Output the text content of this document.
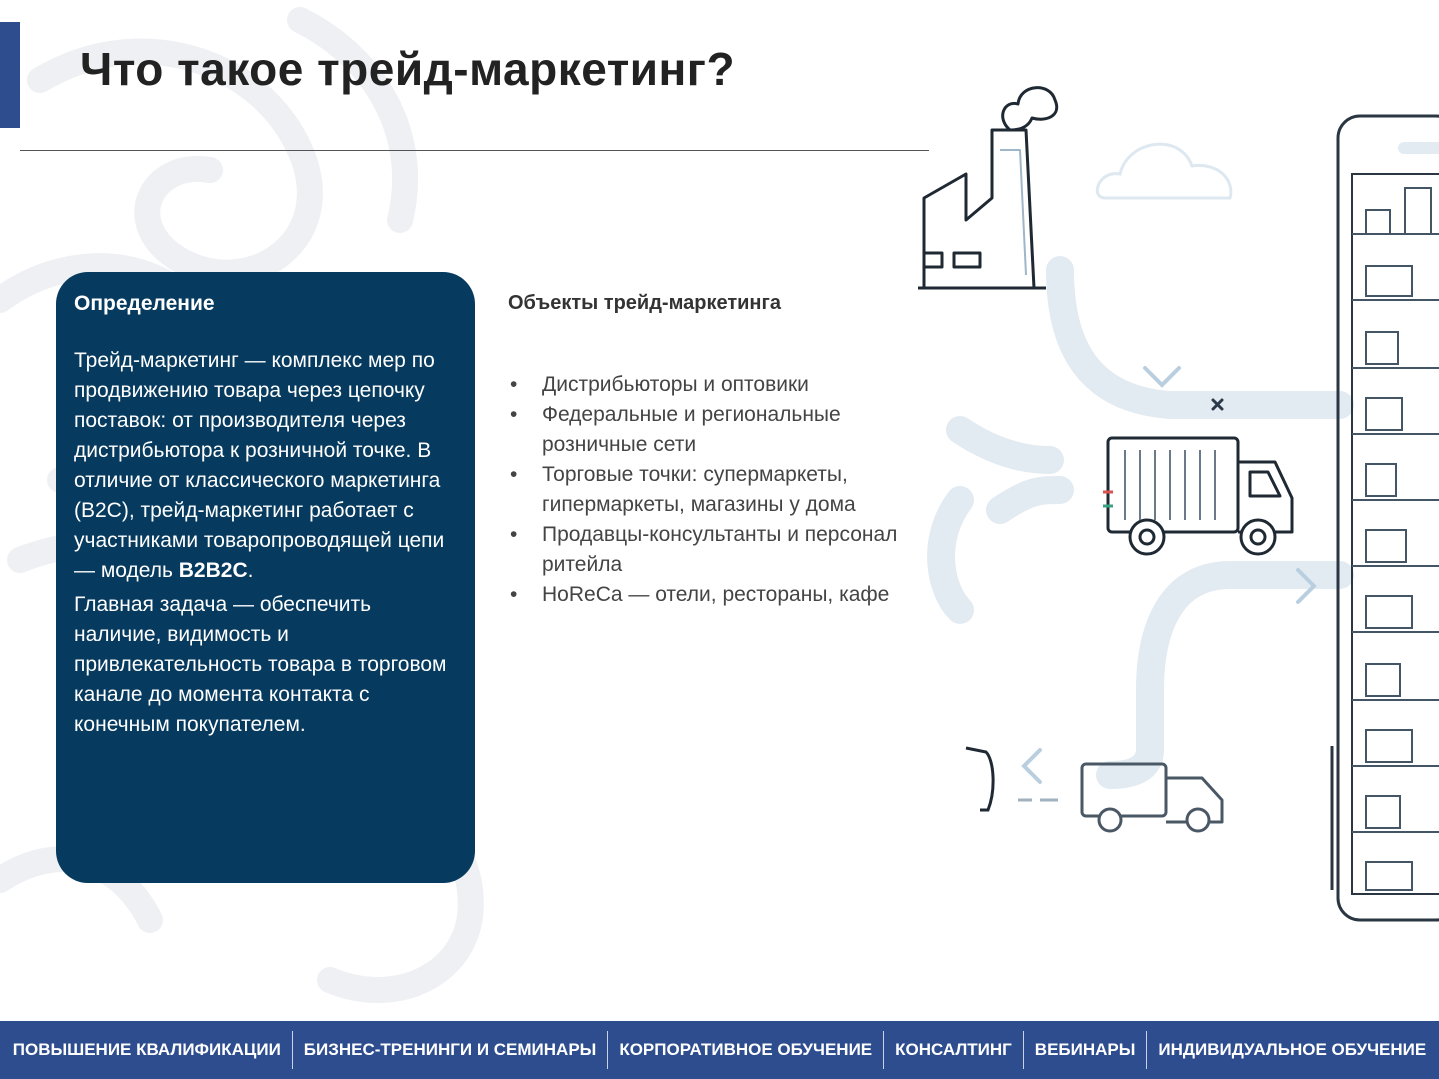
Что такое трейд-маркетинг?

Определение

Трейд-маркетинг — комплекс мер по продвижению товара через цепочку поставок: от производителя через дистрибьютора к розничной точке. В отличие от классического маркетинга (B2C), трейд-маркетинг работает с участниками товаропроводящей цепи — модель B2B2C.

Главная задача — обеспечить наличие, видимость и привлекательность товара в торговом канале до момента контакта с конечным покупателем.

Объекты трейд-маркетинга
• Дистрибьюторы и оптовики
• Федеральные и региональные розничные сети
• Торговые точки: супермаркеты, гипермаркеты, магазины у дома
• Продавцы-консультанты и персонал ритейла
• HoReCa — отели, рестораны, кафе
ПОВЫШЕНИЕ КВАЛИФИКАЦИИ	БИЗНЕС-ТРЕНИНГИ И СЕМИНАРЫ	КОРПОРАТИВНОЕ ОБУЧЕНИЕ	КОНСАЛТИНГ	ВЕБИНАРЫ	ИНДИВИДУАЛЬНОЕ ОБУЧЕНИЕ
